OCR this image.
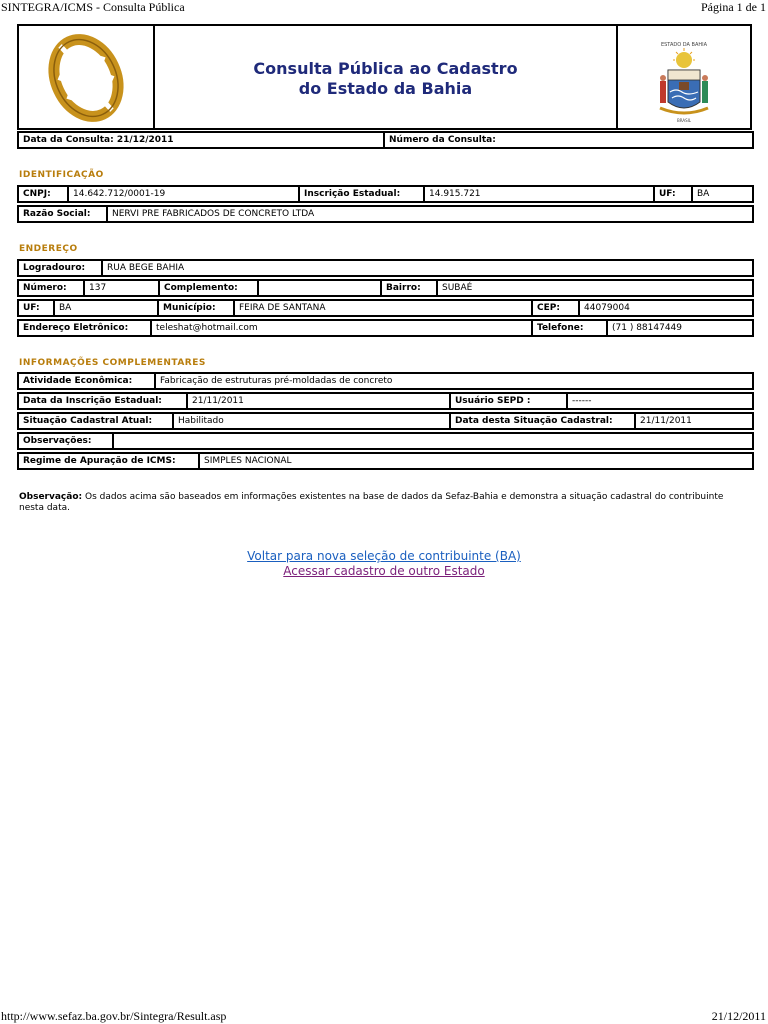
SINTEGRA/ICMS - Consulta Pública	Página 1 de 1
Consulta Pública ao Cadastro
do Estado da Bahia
ESTADO DA BAHIA
BRASIL
Data da Consulta: 21/12/2011	Número da Consulta:
IDENTIFICAÇÃO
CNPJ:	14.642.712/0001-19	Inscrição Estadual:	14.915.721	UF:	BA
Razão Social:	NERVI PRE FABRICADOS DE CONCRETO LTDA
ENDEREÇO
Logradouro:	RUA BEGE BAHIA
Número:	137	Complemento:		Bairro:	SUBAÉ
UF:	BA	Município:	FEIRA DE SANTANA	CEP:	44079004
Endereço Eletrônico:	teleshat@hotmail.com	Telefone:	(71 ) 88147449
INFORMAÇÕES COMPLEMENTARES
Atividade Econômica:	Fabricação de estruturas pré-moldadas de concreto
Data da Inscrição Estadual:	21/11/2011	Usuário SEPD :	------
Situação Cadastral Atual:	Habilitado	Data desta Situação Cadastral:	21/11/2011
Observações:	
Regime de Apuração de ICMS:	SIMPLES NACIONAL
Observação: Os dados acima são baseados em informações existentes na base de dados da Sefaz-Bahia e demonstra a situação cadastral do contribuinte nesta data.
Voltar para nova seleção de contribuinte (BA)
Acessar cadastro de outro Estado
http://www.sefaz.ba.gov.br/Sintegra/Result.asp	21/12/2011
